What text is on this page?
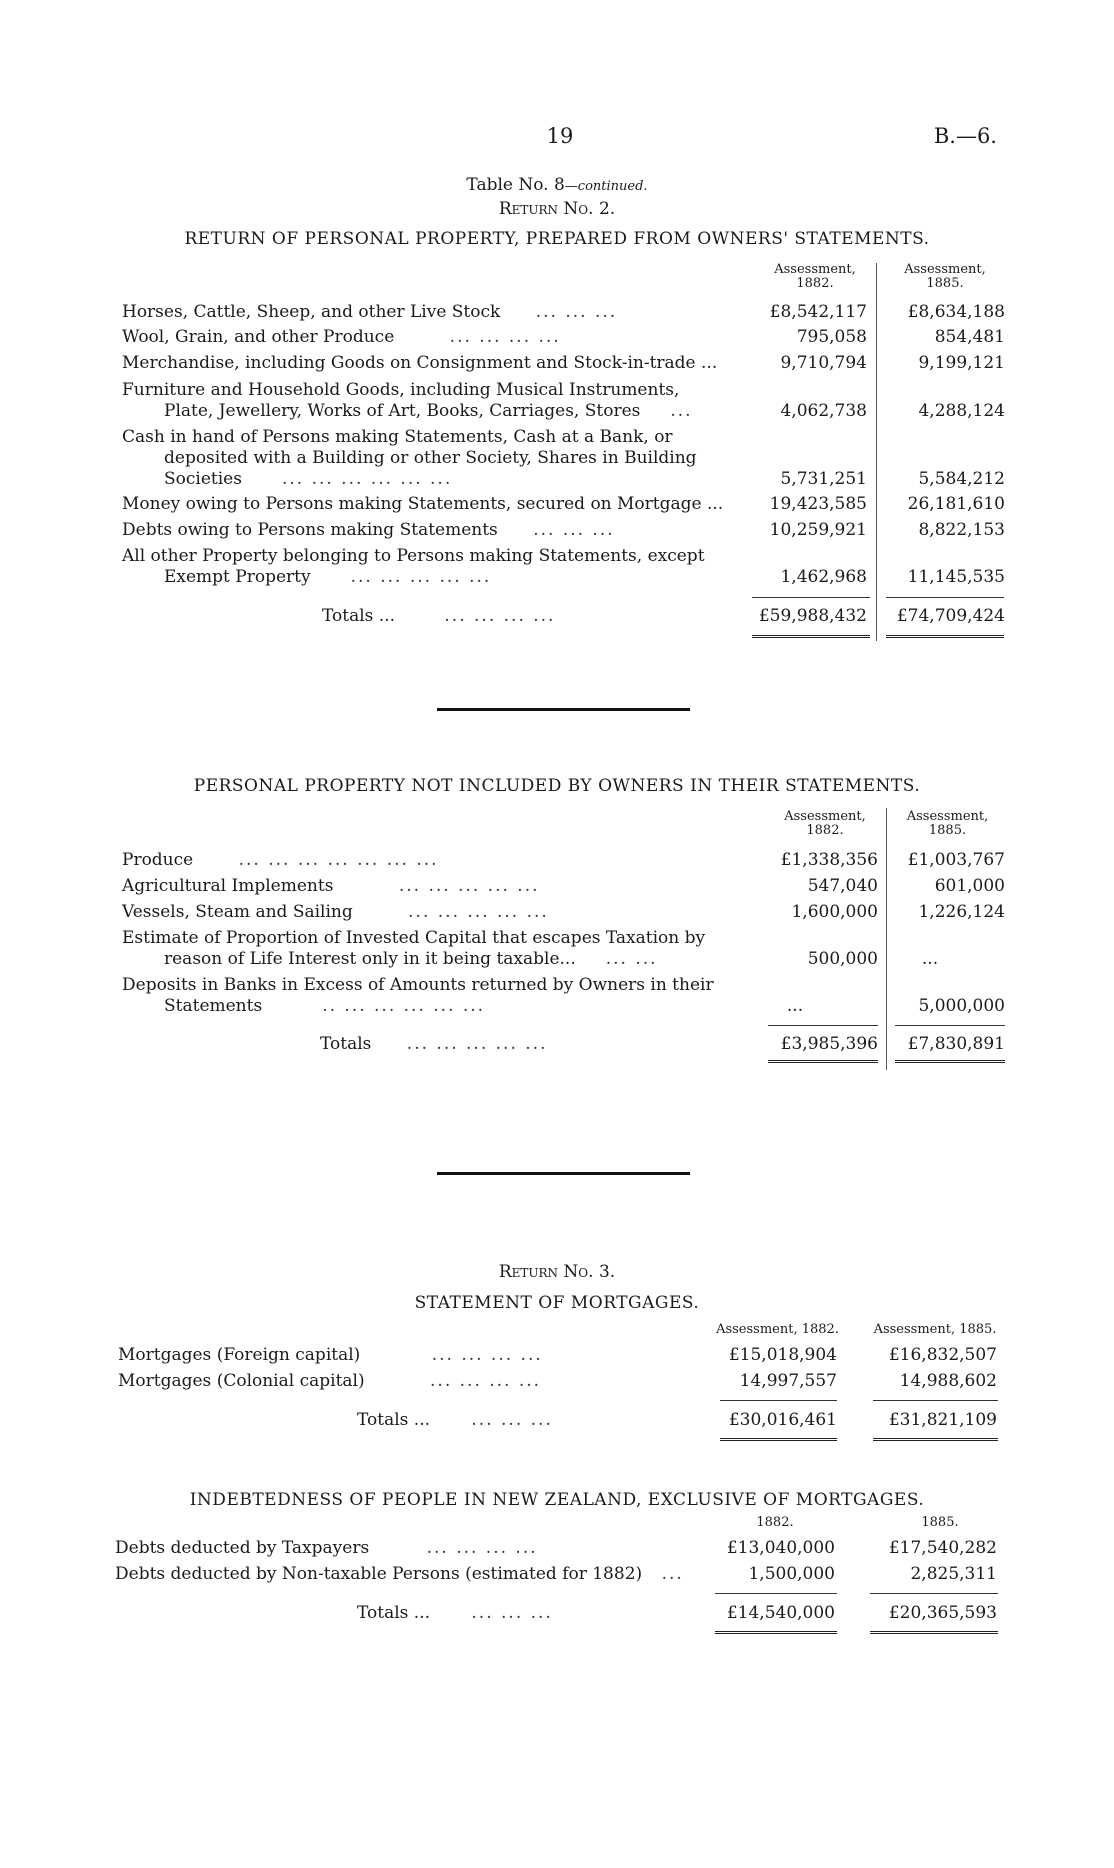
19	B.—6.
Table No. 8—continued.
Return No. 2.
RETURN OF PERSONAL PROPERTY, PREPARED FROM OWNERS' STATEMENTS.
Assessment,
1882.
Assessment,
1885.
Horses, Cattle, Sheep, and other Live Stock ... ... ...	£8,542,117	£8,634,188
Wool, Grain, and other Produce	... ... ... ...	795,058	854,481
Merchandise, including Goods on Consignment and Stock-in-trade ...	9,710,794	9,199,121
Furniture and Household Goods, including Musical Instruments,
Plate, Jewellery, Works of Art, Books, Carriages, Stores ...	4,062,738	4,288,124
Cash in hand of Persons making Statements, Cash at a Bank, or
deposited with a Building or other Society, Shares in Building
Societies ... ... ... ... ... ...	5,731,251	5,584,212
Money owing to Persons making Statements, secured on Mortgage ...	19,423,585	26,181,610
Debts owing to Persons making Statements ... ... ...	10,259,921	8,822,153
All other Property belonging to Persons making Statements, except
Exempt Property ... ... ... ... ...	1,462,968	11,145,535
Totals ...	... ... ... ...	£59,988,432	£74,709,424
PERSONAL PROPERTY NOT INCLUDED BY OWNERS IN THEIR STATEMENTS.
Assessment,
1882.
Assessment,
1885.
Produce	... ... ... ... ... ... ...	£1,338,356	£1,003,767
Agricultural Implements	... ... ... ... ...	547,040	601,000
Vessels, Steam and Sailing	... ... ... ... ...	1,600,000	1,226,124
Estimate of Proportion of Invested Capital that escapes Taxation by
reason of Life Interest only in it being taxable... ... ...	500,000	...
Deposits in Banks in Excess of Amounts returned by Owners in their
Statements	.. ... ... ... ... ...	...	5,000,000
Totals ... ... ... ... ...	£3,985,396	£7,830,891
Return No. 3.
STATEMENT OF MORTGAGES.
Assessment, 1882.	Assessment, 1885.
Mortgages (Foreign capital)	... ... ... ...	£15,018,904	£16,832,507
Mortgages (Colonial capital)	... ... ... ...	14,997,557	14,988,602
Totals ... ... ... ...	£30,016,461	£31,821,109
INDEBTEDNESS OF PEOPLE IN NEW ZEALAND, EXCLUSIVE OF MORTGAGES.
1882.	1885.
Debts deducted by Taxpayers	... ... ... ...	£13,040,000	£17,540,282
Debts deducted by Non-taxable Persons (estimated for 1882) ...	1,500,000	2,825,311
Totals ... ... ... ...	£14,540,000	£20,365,593
